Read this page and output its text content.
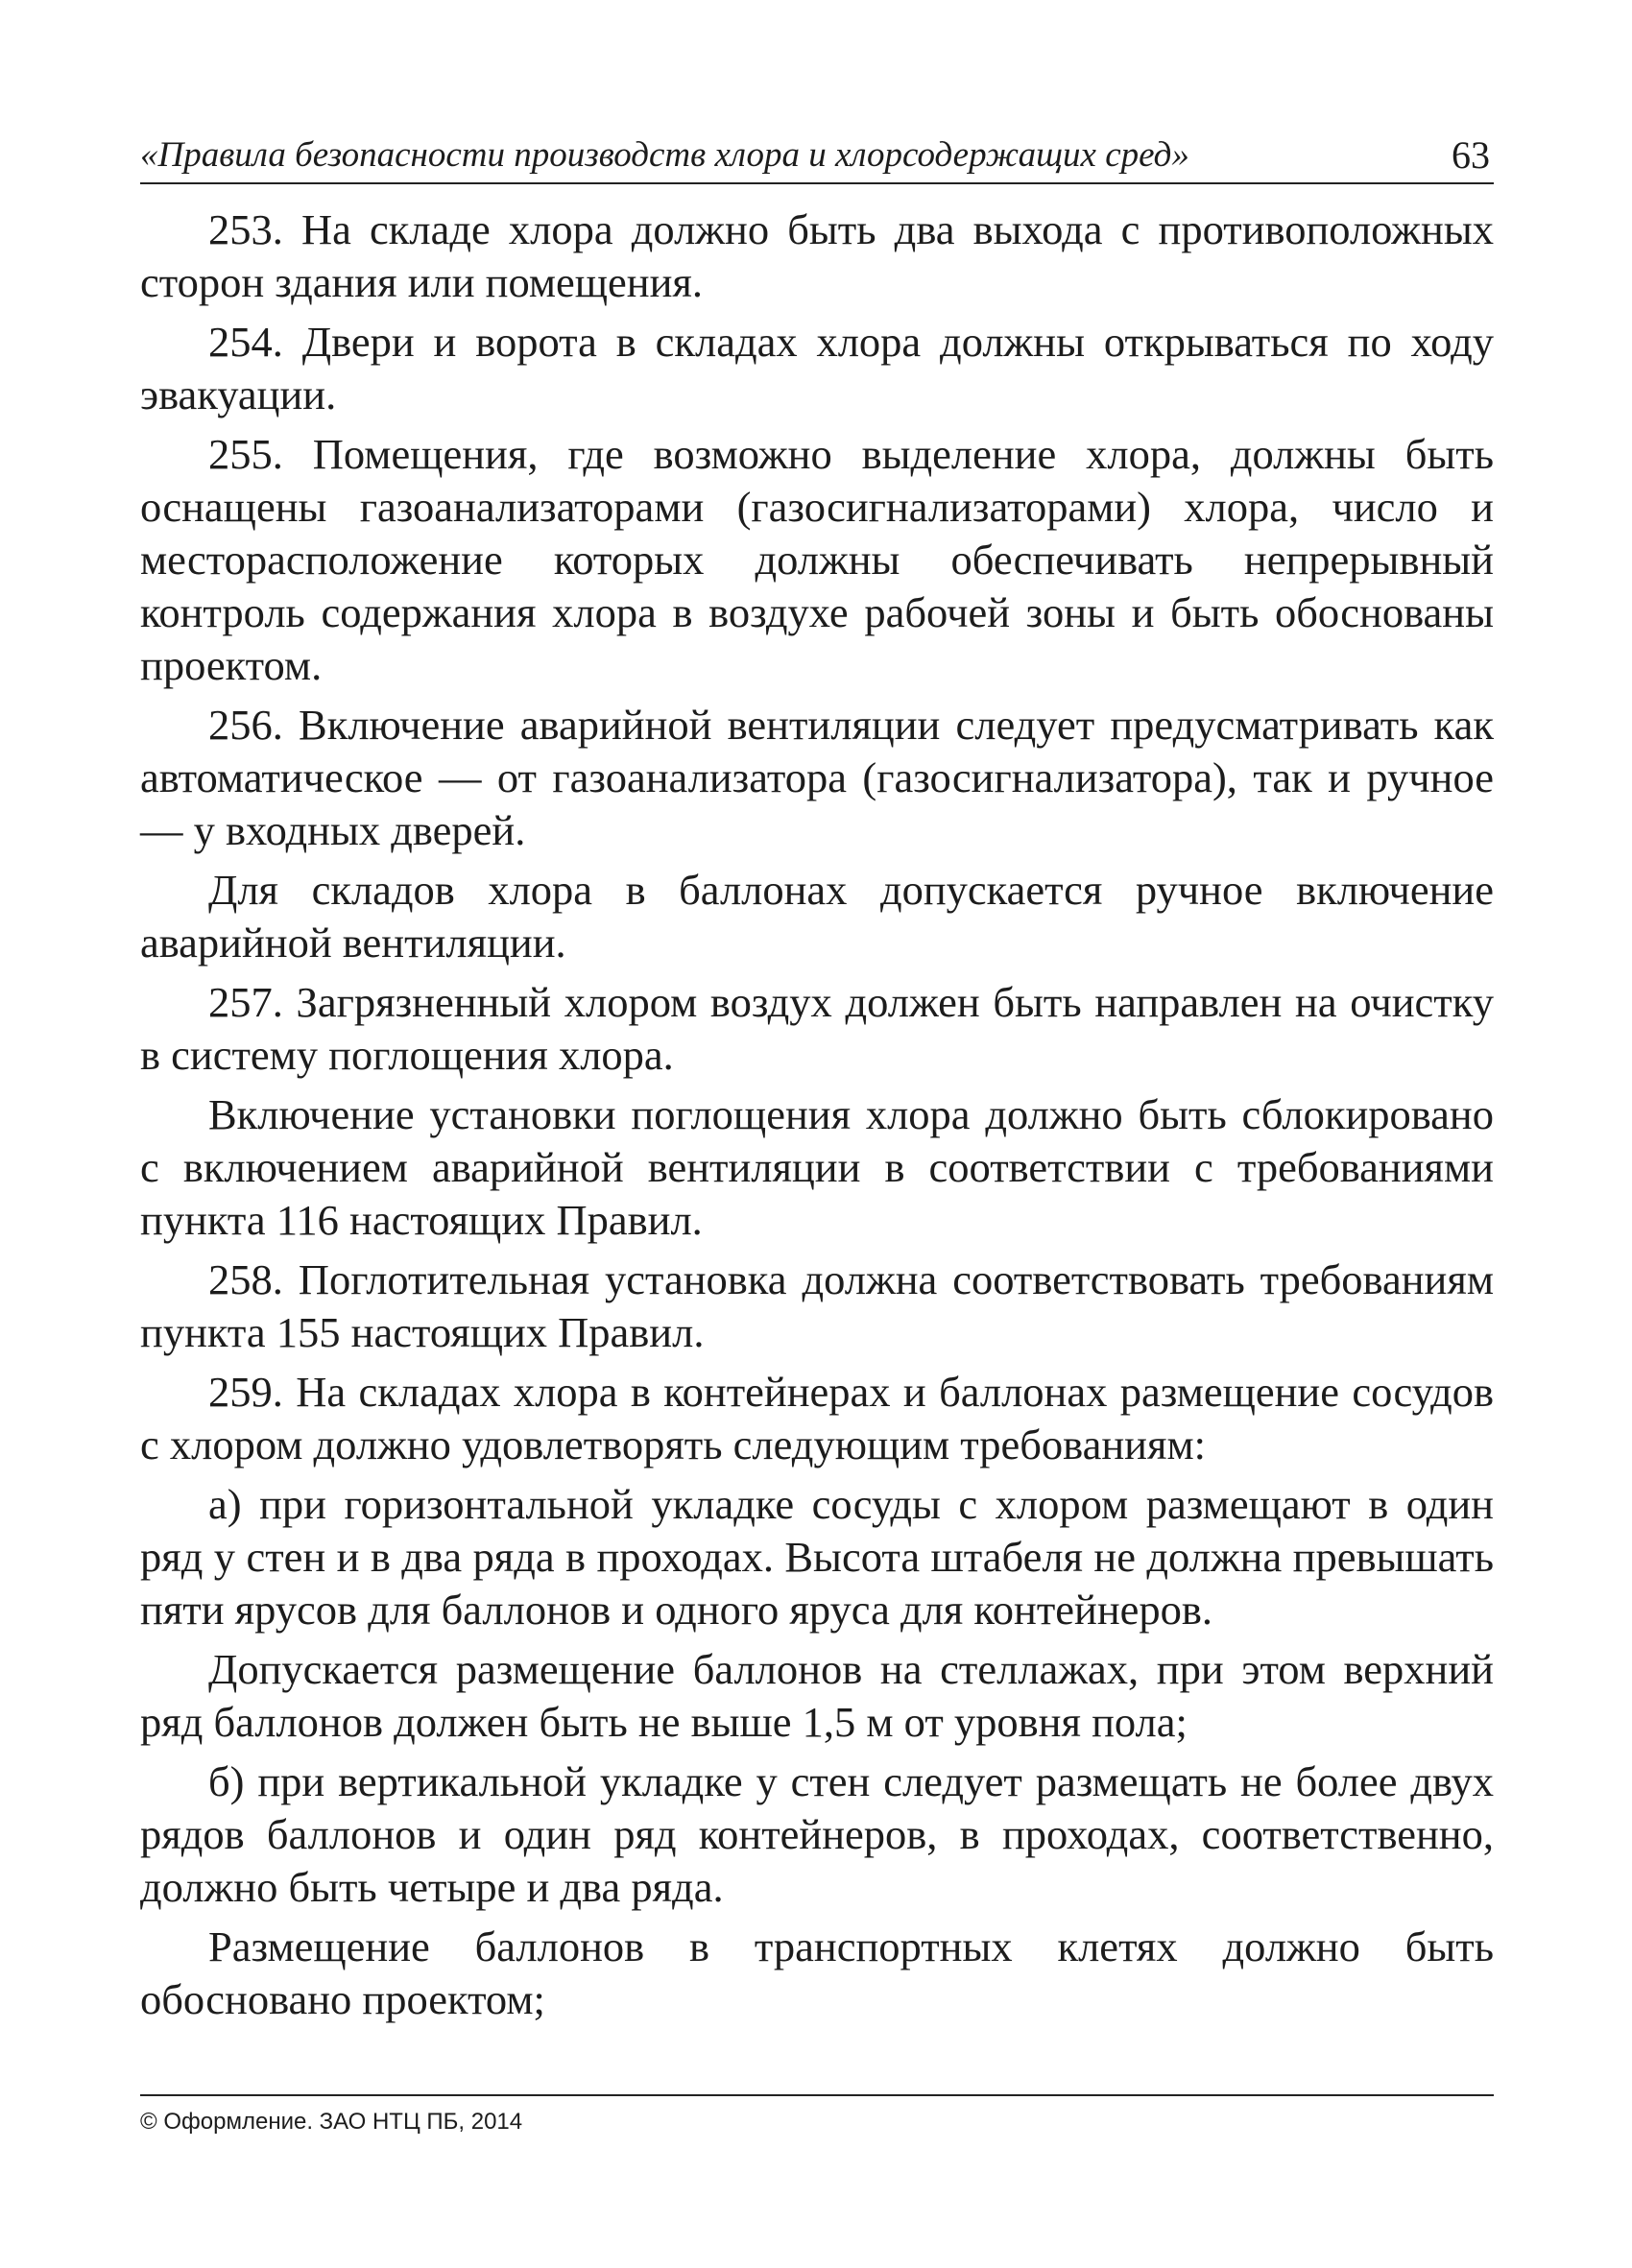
«Правила безопасности производств хлора и хлорсодержащих сред»	63

253. На складе хлора должно быть два выхода с противоположных сторон здания или помещения.

254. Двери и ворота в складах хлора должны открываться по ходу эвакуации.

255. Помещения, где возможно выделение хлора, должны быть оснащены газоанализаторами (газосигнализаторами) хлора, число и месторасположение которых должны обеспечивать непрерывный контроль содержания хлора в воздухе рабочей зоны и быть обоснованы проектом.

256. Включение аварийной вентиляции следует предусматривать как автоматическое — от газоанализатора (газосигнализатора), так и ручное — у входных дверей.

Для складов хлора в баллонах допускается ручное включение аварийной вентиляции.

257. Загрязненный хлором воздух должен быть направлен на очистку в систему поглощения хлора.

Включение установки поглощения хлора должно быть сблокировано с включением аварийной вентиляции в соответствии с требованиями пункта 116 настоящих Правил.

258. Поглотительная установка должна соответствовать требованиям пункта 155 настоящих Правил.

259. На складах хлора в контейнерах и баллонах размещение сосудов с хлором должно удовлетворять следующим требованиям:

а) при горизонтальной укладке сосуды с хлором размещают в один ряд у стен и в два ряда в проходах. Высота штабеля не должна превышать пяти ярусов для баллонов и одного яруса для контейнеров.

Допускается размещение баллонов на стеллажах, при этом верхний ряд баллонов должен быть не выше 1,5 м от уровня пола;

б) при вертикальной укладке у стен следует размещать не более двух рядов баллонов и один ряд контейнеров, в проходах, соответственно, должно быть четыре и два ряда.

Размещение баллонов в транспортных клетях должно быть обосновано проектом;

© Оформление. ЗАО НТЦ ПБ, 2014
